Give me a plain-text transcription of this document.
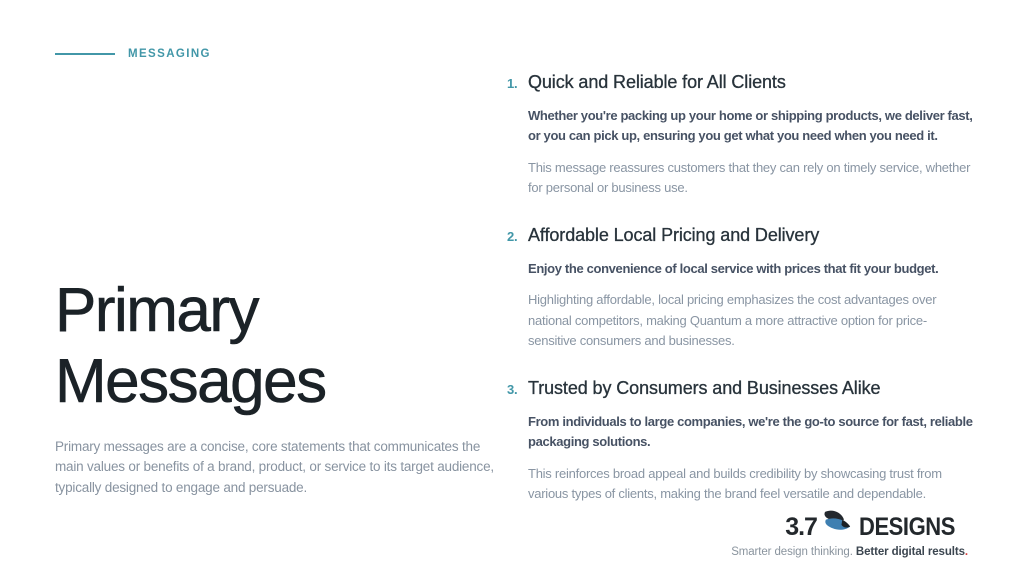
MESSAGING
Primary
Messages

Primary messages are a concise, core statements that communicates the main values or benefits of a brand, product, or service to its target audience, typically designed to engage and persuade.

1. Quick and Reliable for All Clients

Whether you're packing up your home or shipping products, we deliver fast, or you can pick up, ensuring you get what you need when you need it.

This message reassures customers that they can rely on timely service, whether for personal or business use.

2. Affordable Local Pricing and Delivery

Enjoy the convenience of local service with prices that fit your budget.

Highlighting affordable, local pricing emphasizes the cost advantages over national competitors, making Quantum a more attractive option for price-sensitive consumers and businesses.

3. Trusted by Consumers and Businesses Alike

From individuals to large companies, we're the go-to source for fast, reliable packaging solutions.

This reinforces broad appeal and builds credibility by showcasing trust from various types of clients, making the brand feel versatile and dependable.

3.7 DESIGNS
Smarter design thinking. Better digital results.
